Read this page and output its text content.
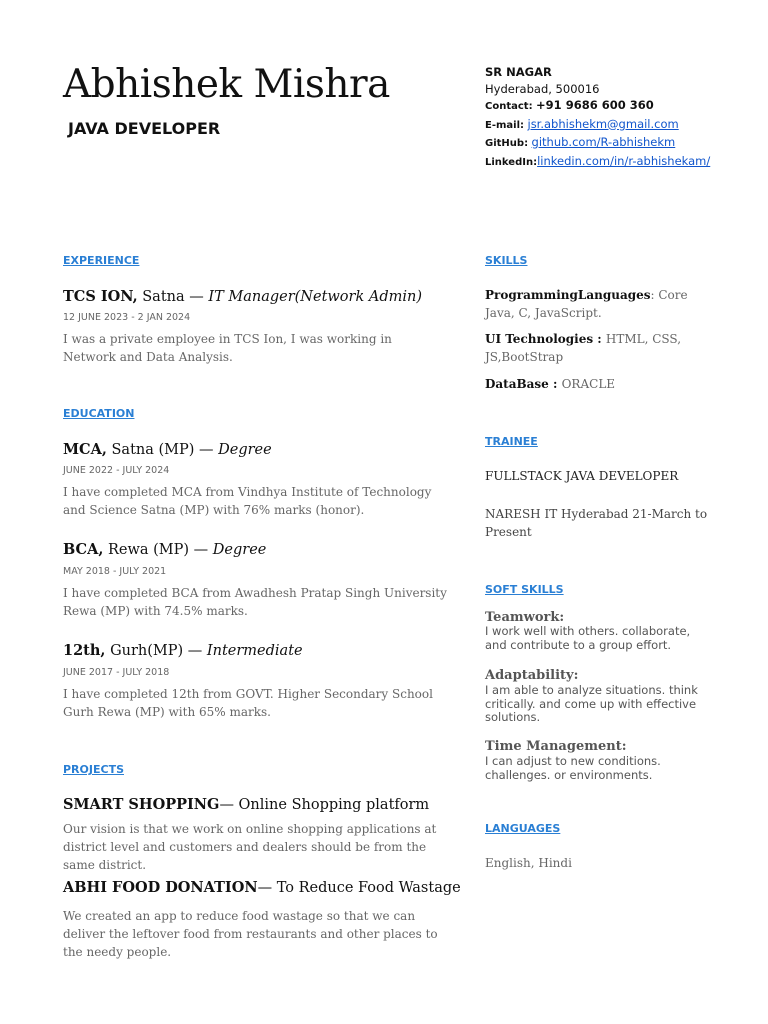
Abhishek Mishra
JAVA DEVELOPER
SR NAGAR
Hyderabad, 500016
Contact: +91 9686 600 360
E-mail: jsr.abhishekm@gmail.com
GitHub: github.com/R-abhishekm
LinkedIn:linkedin.com/in/r-abhishekam/
EXPERIENCE
TCS ION, Satna — IT Manager(Network Admin)
12 JUNE 2023 - 2 JAN 2024
I was a private employee in TCS Ion, I was working in Network and Data Analysis.
EDUCATION
MCA, Satna (MP) — Degree
JUNE 2022 - JULY 2024
I have completed MCA from Vindhya Institute of Technology and Science Satna (MP) with 76% marks (honor).
BCA, Rewa (MP) — Degree
MAY 2018 - JULY 2021
I have completed BCA from Awadhesh Pratap Singh University Rewa (MP) with 74.5% marks.
12th, Gurh(MP) — Intermediate
JUNE 2017 - JULY 2018
I have completed 12th from GOVT. Higher Secondary School Gurh Rewa (MP) with 65% marks.
PROJECTS
SMART SHOPPING— Online Shopping platform
Our vision is that we work on online shopping applications at district level and customers and dealers should be from the same district.
ABHI FOOD DONATION— To Reduce Food Wastage
We created an app to reduce food wastage so that we can deliver the leftover food from restaurants and other places to the needy people.
SKILLS
ProgrammingLanguages: Core Java, C, JavaScript.
UI Technologies : HTML, CSS, JS,BootStrap
DataBase : ORACLE
TRAINEE
FULLSTACK JAVA DEVELOPER
NARESH IT Hyderabad 21-March to Present
SOFT SKILLS
Teamwork:
I work well with others. collaborate, and contribute to a group effort.
Adaptability:
I am able to analyze situations. think critically. and come up with effective solutions.
Time Management:
I can adjust to new conditions. challenges. or environments.
LANGUAGES
English, Hindi
